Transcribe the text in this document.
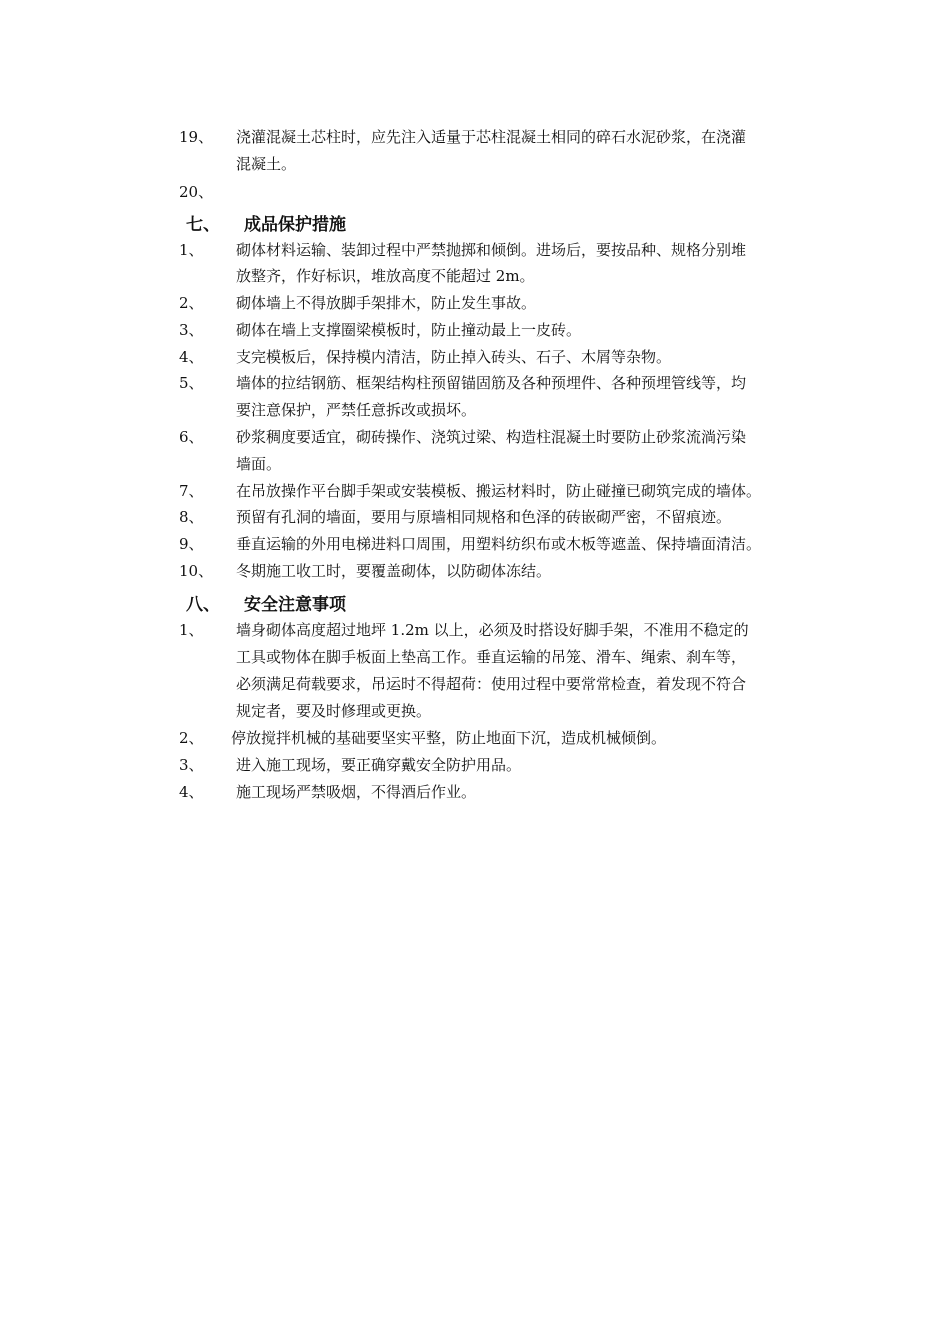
19、 浇灌混凝土芯柱时，应先注入适量于芯柱混凝土相同的碎石水泥砂浆，在浇灌
混凝土。
20、
七、 成品保护措施
1、 砌体材料运输、装卸过程中严禁抛掷和倾倒。进场后，要按品种、规格分别堆
放整齐，作好标识，堆放高度不能超过 2m。
2、 砌体墙上不得放脚手架排木，防止发生事故。
3、 砌体在墙上支撑圈梁模板时，防止撞动最上一皮砖。
4、 支完模板后，保持模内清洁，防止掉入砖头、石子、木屑等杂物。
5、 墙体的拉结钢筋、框架结构柱预留锚固筋及各种预埋件、各种预埋管线等，均
要注意保护，严禁任意拆改或损坏。
6、 砂浆稠度要适宜，砌砖操作、浇筑过梁、构造柱混凝土时要防止砂浆流淌污染
墙面。
7、 在吊放操作平台脚手架或安装模板、搬运材料时，防止碰撞已砌筑完成的墙体。
8、 预留有孔洞的墙面，要用与原墙相同规格和色泽的砖嵌砌严密，不留痕迹。
9、 垂直运输的外用电梯进料口周围，用塑料纺织布或木板等遮盖、保持墙面清洁。
10、 冬期施工收工时，要覆盖砌体，以防砌体冻结。
八、 安全注意事项
1、 墙身砌体高度超过地坪 1.2m 以上，必须及时搭设好脚手架，不准用不稳定的
工具或物体在脚手板面上垫高工作。垂直运输的吊笼、滑车、绳索、刹车等，
必须满足荷载要求，吊运时不得超荷：使用过程中要常常检查，着发现不符合
规定者，要及时修理或更换。
2、 停放搅拌机械的基础要坚实平整，防止地面下沉，造成机械倾倒。
3、 进入施工现场，要正确穿戴安全防护用品。
4、 施工现场严禁吸烟，不得酒后作业。
